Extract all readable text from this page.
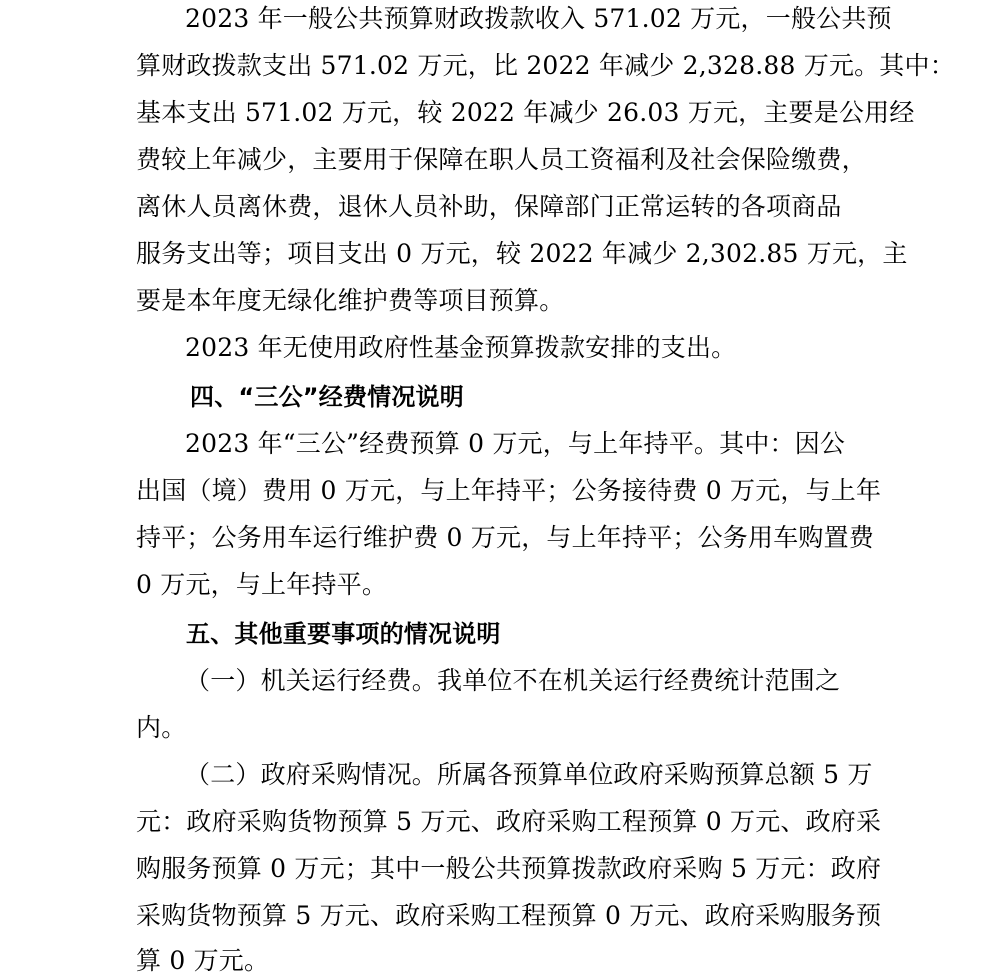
2023 年一般公共预算财政拨款收入 571.02 万元，一般公共预
算财政拨款支出 571.02 万元，比 2022 年减少 2,328.88 万元。其中：
基本支出 571.02 万元，较 2022 年减少 26.03 万元，主要是公用经
费较上年减少，主要用于保障在职人员工资福利及社会保险缴费，
离休人员离休费，退休人员补助，保障部门正常运转的各项商品
服务支出等；项目支出 0 万元，较 2022 年减少 2,302.85 万元，主
要是本年度无绿化维护费等项目预算。
2023 年无使用政府性基金预算拨款安排的支出。
四、“三公”经费情况说明
2023 年“三公”经费预算 0 万元，与上年持平。其中：因公
出国（境）费用 0 万元，与上年持平；公务接待费 0 万元，与上年
持平；公务用车运行维护费 0 万元，与上年持平；公务用车购置费
0 万元，与上年持平。
五、其他重要事项的情况说明
（一）机关运行经费。我单位不在机关运行经费统计范围之
内。
（二）政府采购情况。所属各预算单位政府采购预算总额 5 万
元：政府采购货物预算 5 万元、政府采购工程预算 0 万元、政府采
购服务预算 0 万元；其中一般公共预算拨款政府采购 5 万元：政府
采购货物预算 5 万元、政府采购工程预算 0 万元、政府采购服务预
算 0 万元。
